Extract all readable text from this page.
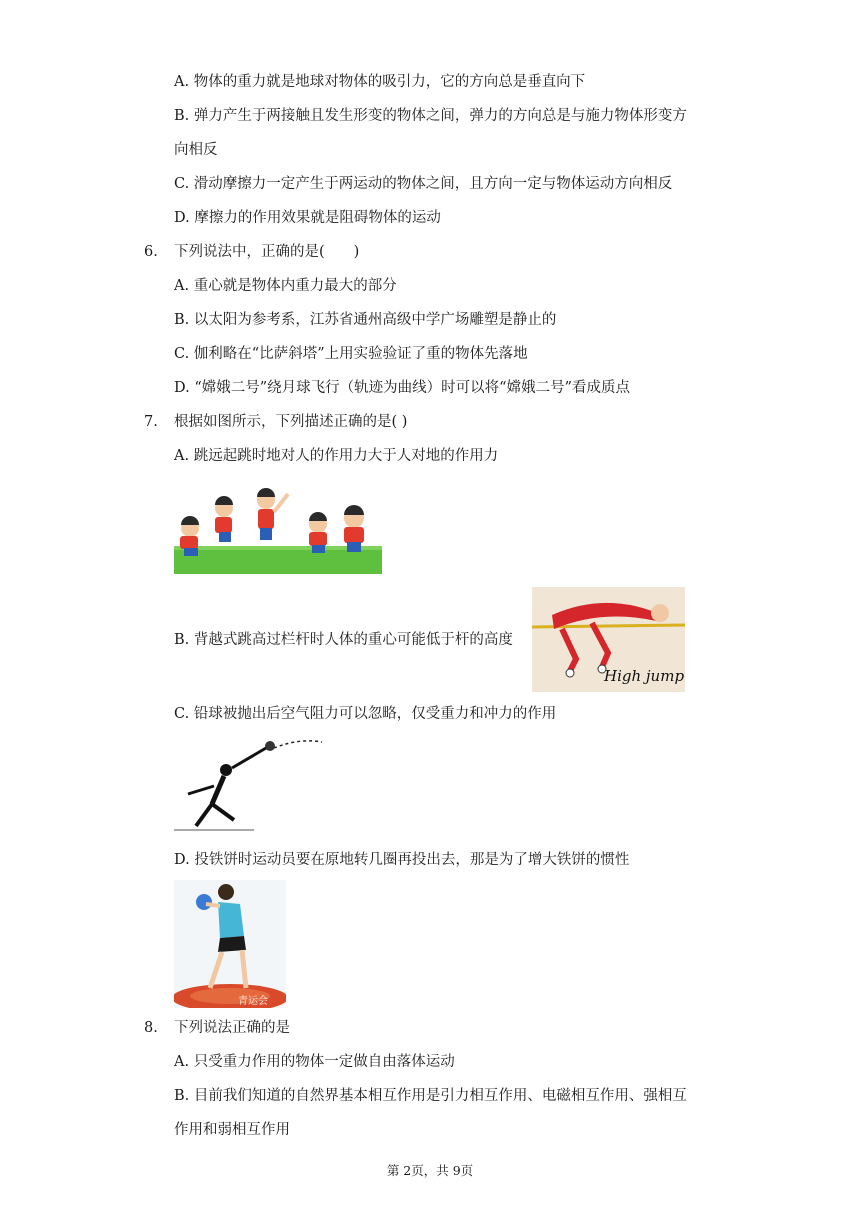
A. 物体的重力就是地球对物体的吸引力，它的方向总是垂直向下
B. 弹力产生于两接触且发生形变的物体之间，弹力的方向总是与施力物体形变方
向相反
C. 滑动摩擦力一定产生于两运动的物体之间，且方向一定与物体运动方向相反
D. 摩擦力的作用效果就是阻碍物体的运动
6. 下列说法中，正确的是(　　)
A. 重心就是物体内重力最大的部分
B. 以太阳为参考系，江苏省通州高级中学广场雕塑是静止的
C. 伽利略在“比萨斜塔”上用实验验证了重的物体先落地
D. “嫦娥二号”绕月球飞行（轨迹为曲线）时可以将“嫦娥二号”看成质点
7. 根据如图所示，下列描述正确的是( )
A. 跳远起跳时地对人的作用力大于人对地的作用力
B. 背越式跳高过栏杆时人体的重心可能低于杆的高度
High jump
C. 铅球被抛出后空气阻力可以忽略，仅受重力和冲力的作用
D. 投铁饼时运动员要在原地转几圈再投出去，那是为了增大铁饼的惯性
青运会
8. 下列说法正确的是
A. 只受重力作用的物体一定做自由落体运动
B. 目前我们知道的自然界基本相互作用是引力相互作用、电磁相互作用、强相互
作用和弱相互作用
第 2页，共 9页
